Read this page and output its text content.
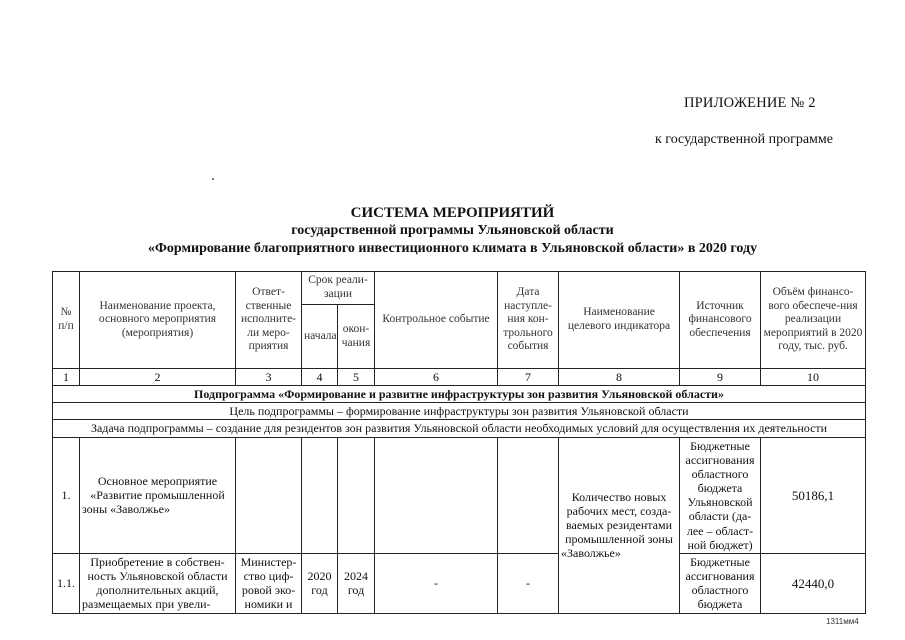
ПРИЛОЖЕНИЕ № 2
к государственной программе
СИСТЕМА МЕРОПРИЯТИЙ
государственной программы Ульяновской области
«Формирование благоприятного инвестиционного климата в Ульяновской области» в 2020 году
№ п/п	Наименование проекта, основного мероприятия (мероприятия)	Ответ-ственные исполните-ли меро-приятия	Срок реали-зации		Контрольное событие	Дата наступле-ния кон-трольного события	Наименование целевого индикатора	Источник финансового обеспечения	Объём финансо-вого обеспече-ния реализации мероприятий в 2020 году, тыс. руб.
			начала	окон-чания					
1	2	3	4	5	6	7	8	9	10
Подпрограмма «Формирование и развитие инфраструктуры зон развития Ульяновской области»									
Цель подпрограммы – формирование инфраструктуры зон развития Ульяновской области									
Задача подпрограммы – создание для резидентов зон развития Ульяновской области необходимых условий для осуществления их деятельности									
1.	Основное мероприятие «Развитие промышленной зоны «Заволжье»						Количество новых рабочих мест, созда-ваемых резидентами промышленной зоны «Заволжье»	Бюджетные ассигнования областного бюджета Ульяновской области (да-лее – област-ной бюджет)	50186,1
1.1.	Приобретение в собствен-ность Ульяновской области дополнительных акций, размещаемых при увели-	Министер-ство циф-ровой эко-номики и	2020 год	2024 год	-	-		Бюджетные ассигнования областного бюджета	42440,0
1311мм4
